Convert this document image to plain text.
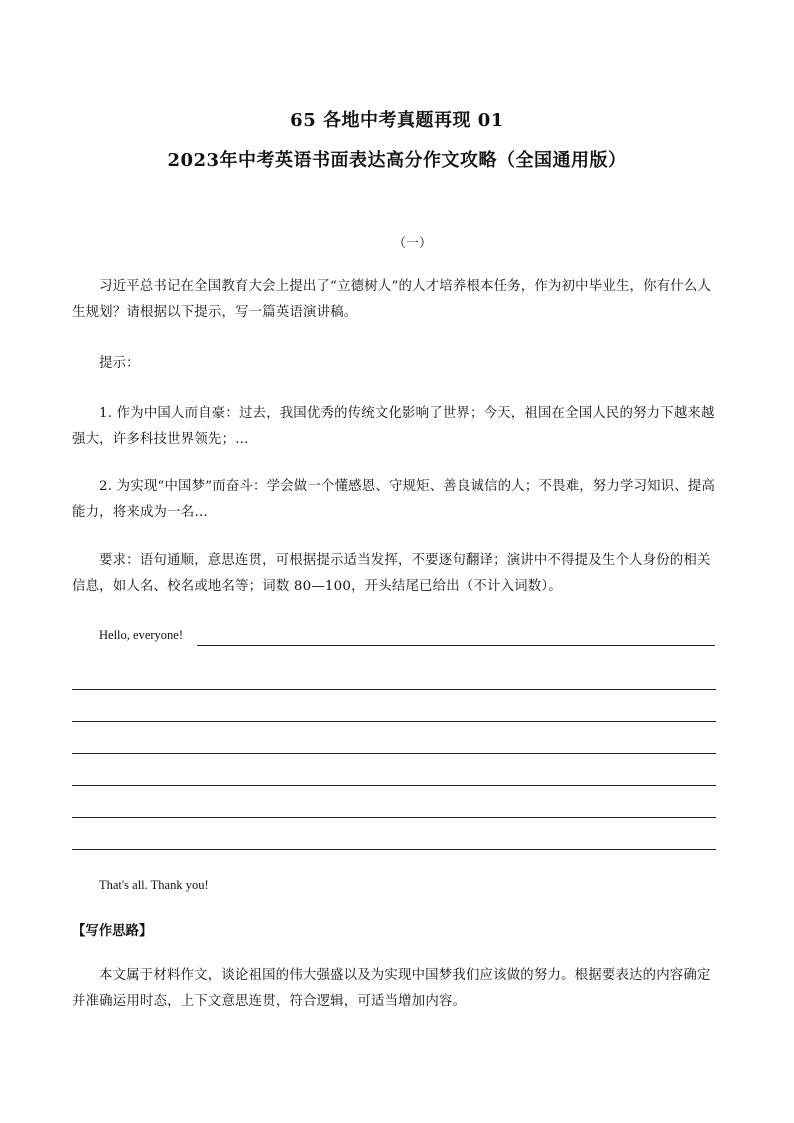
65 各地中考真题再现 01
2023年中考英语书面表达高分作文攻略（全国通用版）
（一）

习近平总书记在全国教育大会上提出了“立德树人”的人才培养根本任务，作为初中毕业生，你有什么人生规划？请根据以下提示，写一篇英语演讲稿。

提示：

1. 作为中国人而自豪：过去，我国优秀的传统文化影响了世界；今天，祖国在全国人民的努力下越来越强大，许多科技世界领先；…

2. 为实现“中国梦”而奋斗：学会做一个懂感恩、守规矩、善良诚信的人；不畏难，努力学习知识、提高能力，将来成为一名…

要求：语句通顺，意思连贯，可根据提示适当发挥，不要逐句翻译；演讲中不得提及生个人身份的相关信息，如人名、校名或地名等；词数 80—100，开头结尾已给出（不计入词数）。

Hello, everyone!
That's all. Thank you!
【写作思路】

本文属于材料作文，谈论祖国的伟大强盛以及为实现中国梦我们应该做的努力。根据要表达的内容确定并准确运用时态，上下文意思连贯，符合逻辑，可适当增加内容。
